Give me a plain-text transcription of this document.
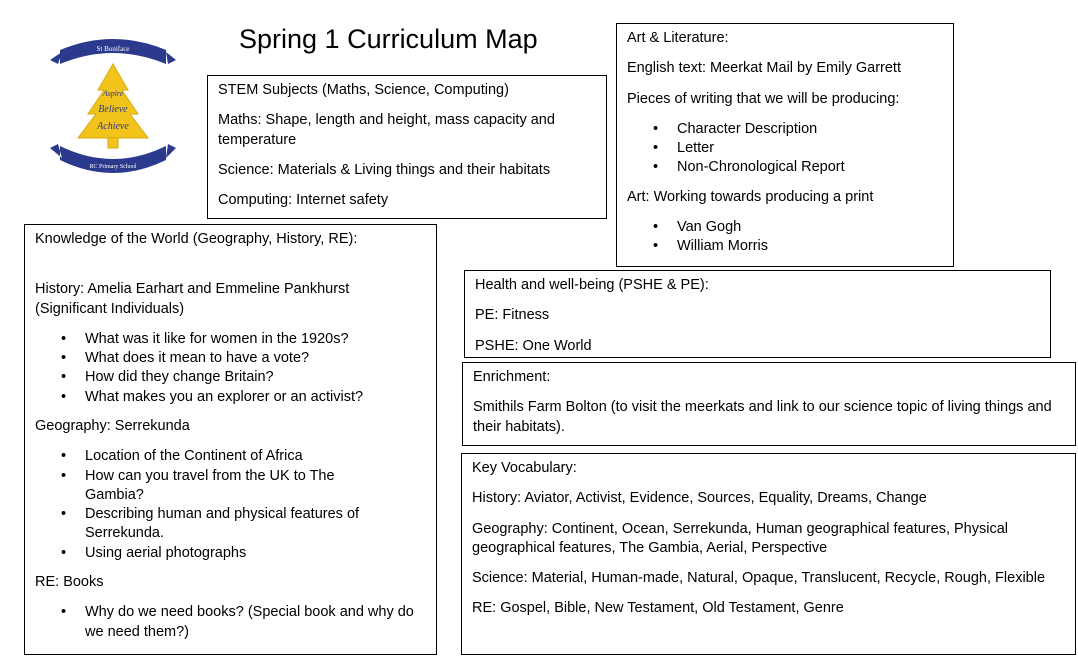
St Boniface
Aspire
Believe
Achieve
RC Primary School
Spring 1 Curriculum Map

STEM Subjects (Maths, Science, Computing)

Maths: Shape, length and height, mass capacity and temperature

Science: Materials & Living things and their habitats

Computing: Internet safety

Art & Literature:

English text: Meerkat Mail by Emily Garrett

Pieces of writing that we will be producing:

• Character Description
• Letter
• Non-Chronological Report

Art: Working towards producing a print

• Van Gogh
• William Morris

Knowledge of the World (Geography, History, RE):

History: Amelia Earhart and Emmeline Pankhurst (Significant Individuals)

• What was it like for women in the 1920s?
• What does it mean to have a vote?
• How did they change Britain?
• What makes you an explorer or an activist?

Geography: Serrekunda

• Location of the Continent of Africa
• How can you travel from the UK to The Gambia?
• Describing human and physical features of Serrekunda.
• Using aerial photographs

RE: Books

• Why do we need books? (Special book and why do we need them?)

Health and well-being (PSHE & PE):

PE: Fitness

PSHE: One World

Enrichment:

Smithils Farm Bolton (to visit the meerkats and link to our science topic of living things and their habitats).

Key Vocabulary:

History: Aviator, Activist, Evidence, Sources, Equality, Dreams, Change

Geography: Continent, Ocean, Serrekunda, Human geographical features, Physical geographical features, The Gambia, Aerial, Perspective

Science: Material, Human-made, Natural, Opaque, Translucent, Recycle, Rough, Flexible

RE: Gospel, Bible, New Testament, Old Testament, Genre
